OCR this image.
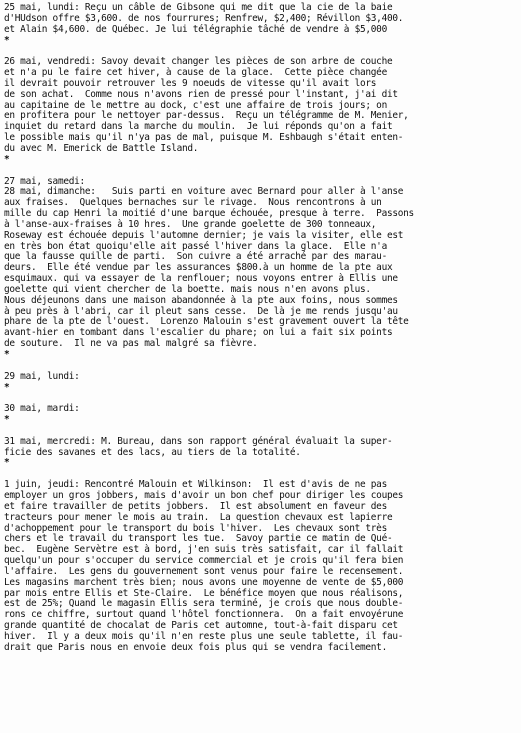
25 mai, lundi: Reçu un câble de Gibsone qui me dit que la cie de la baie
d'HUdson offre $3,600. de nos fourrures; Renfrew, $2,400; Révillon $3,400.
et Alain $4,600. de Québec. Je lui télégraphie tâché de vendre à $5,000
*
26 mai, vendredi: Savoy devait changer les pièces de son arbre de couche
et n'a pu le faire cet hiver, à cause de la glace.  Cette pièce changée
il devrait pouvoir retrouver les 9 noeuds de vitesse qu'il avait lors
de son achat.  Comme nous n'avons rien de pressé pour l'instant, j'ai dit
au capitaine de le mettre au dock, c'est une affaire de trois jours; on
en profitera pour le nettoyer par-dessus.  Reçu un télégramme de M. Menier,
inquiet du retard dans la marche du moulin.  Je lui réponds qu'on a fait
le possible mais qu'il n'ya pas de mal, puisque M. Eshbaugh s'était enten-
du avec M. Emerick de Battle Island.
*
27 mai, samedi:
28 mai, dimanche:   Suis parti en voiture avec Bernard pour aller à l'anse
aux fraises.  Quelques bernaches sur le rivage.  Nous rencontrons à un
mille du cap Henri la moitié d'une barque échouée, presque à terre.  Passons
à l'anse-aux-fraises à 10 hres.  Une grande goelette de 300 tonneaux,
Roseway est échouée depuis l'automne dernier; je vais la visiter, elle est
en très bon état quoiqu'elle ait passé l'hiver dans la glace.  Elle n'a
que la fausse quille de parti.  Son cuivre a été arraché par des marau-
deurs.  Elle été vendue par les assurances $800.à un homme de la pte aux
esquimaux. qui va essayer de la renflouer; nous voyons entrer à Ellis une
goelette qui vient chercher de la boette. mais nous n'en avons plus.
Nous déjeunons dans une maison abandonnée à la pte aux foins, nous sommes
à peu près à l'abri, car il pleut sans cesse.  De là je me rends jusqu'au
phare de la pte de l'ouest.  Lorenzo Malouin s'est gravement ouvert la tête
avant-hier en tombant dans l'escalier du phare; on lui a fait six points
de souture.  Il ne va pas mal malgré sa fièvre.
*
29 mai, lundi:
*
30 mai, mardi:
*
31 mai, mercredi: M. Bureau, dans son rapport général évaluait la super-
ficie des savanes et des lacs, au tiers de la totalité.
*
1 juin, jeudi: Rencontré Malouin et Wilkinson:  Il est d'avis de ne pas
employer un gros jobbers, mais d'avoir un bon chef pour diriger les coupes
et faire travailler de petits jobbers.  Il est absolument en faveur des
tracteurs pour mener le mois au train.  La question chevaux est lapierre
d'achoppement pour le transport du bois l'hiver.  Les chevaux sont très
chers et le travail du transport les tue.  Savoy partie ce matin de Qué-
bec.  Eugène Servètre est à bord, j'en suis très satisfait, car il fallait
quelqu'un pour s'occuper du service commercial et je crois qu'il fera bien
l'affaire.  Les gens du gouvernement sont venus pour faire le recensement.
Les magasins marchent très bien; nous avons une moyenne de vente de $5,000
par mois entre Ellis et Ste-Claire.  Le bénéfice moyen que nous réalisons,
est de 25%; Quand le magasin Ellis sera terminé, je crois que nous double-
rons ce chiffre, surtout quand l'hôtel fonctionnera.  On a fait envoyérune
grande quantité de chocalat de Paris cet automne, tout-à-fait disparu cet
hiver.  Il y a deux mois qu'il n'en reste plus une seule tablette, il fau-
drait que Paris nous en envoie deux fois plus qui se vendra facilement.
